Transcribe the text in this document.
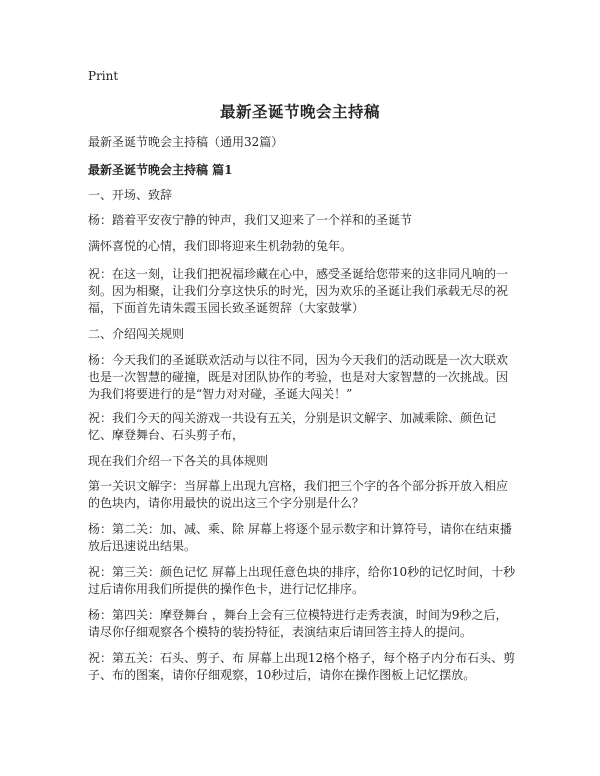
Print
最新圣诞节晚会主持稿
最新圣诞节晚会主持稿（通用32篇）
最新圣诞节晚会主持稿 篇1
一、开场、致辞
杨：踏着平安夜宁静的钟声，我们又迎来了一个祥和的圣诞节
满怀喜悦的心情，我们即将迎来生机勃勃的兔年。
祝：在这一刻，让我们把祝福珍藏在心中，感受圣诞给您带来的这非同凡响的一刻。因为相聚，让我们分享这快乐的时光，因为欢乐的圣诞让我们承载无尽的祝福，下面首先请朱霞玉园长致圣诞贺辞（大家鼓掌）
二、介绍闯关规则
杨：今天我们的圣诞联欢活动与以往不同，因为今天我们的活动既是一次大联欢也是一次智慧的碰撞，既是对团队协作的考验，也是对大家智慧的一次挑战。因为我们将要进行的是“智力对对碰，圣诞大闯关！”
祝：我们今天的闯关游戏一共设有五关，分别是识文解字、加减乘除、颜色记忆、摩登舞台、石头剪子布，
现在我们介绍一下各关的具体规则
第一关识文解字：当屏幕上出现九宫格，我们把三个字的各个部分拆开放入相应的色块内，请你用最快的说出这三个字分别是什么？
杨：第二关：加、减、乘、除 屏幕上将逐个显示数字和计算符号，请你在结束播放后迅速说出结果。
祝：第三关：颜色记忆 屏幕上出现任意色块的排序，给你10秒的记忆时间，十秒过后请你用我们所提供的操作色卡，进行记忆排序。
杨：第四关：摩登舞台 ，舞台上会有三位模特进行走秀表演，时间为9秒之后，请尽你仔细观察各个模特的装扮特征，表演结束后请回答主持人的提问。
祝：第五关：石头、剪子、布 屏幕上出现12格个格子，每个格子内分布石头、剪子、布的图案，请你仔细观察，10秒过后，请你在操作图板上记忆摆放。
